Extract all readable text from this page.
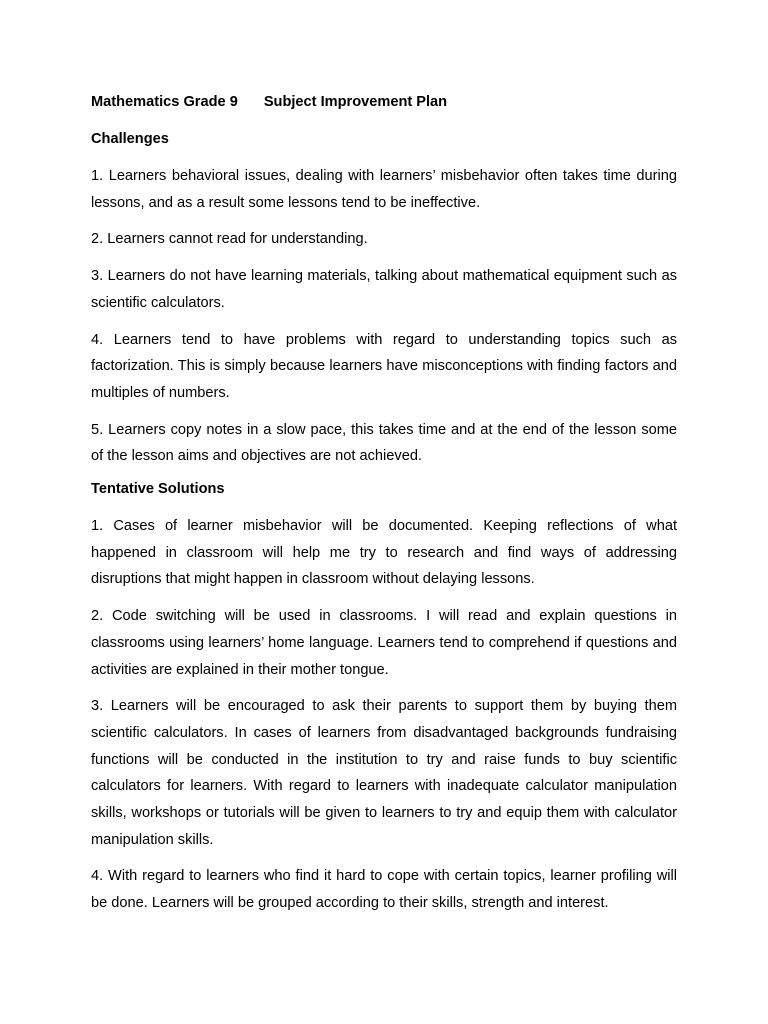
Mathematics Grade 9 Subject Improvement Plan
Challenges

1. Learners behavioral issues, dealing with learners’ misbehavior often takes time during lessons, and as a result some lessons tend to be ineffective.

2. Learners cannot read for understanding.

3. Learners do not have learning materials, talking about mathematical equipment such as scientific calculators.

4. Learners tend to have problems with regard to understanding topics such as factorization. This is simply because learners have misconceptions with finding factors and multiples of numbers.

5. Learners copy notes in a slow pace, this takes time and at the end of the lesson some of the lesson aims and objectives are not achieved.

Tentative Solutions

1. Cases of learner misbehavior will be documented. Keeping reflections of what happened in classroom will help me try to research and find ways of addressing disruptions that might happen in classroom without delaying lessons.

2. Code switching will be used in classrooms. I will read and explain questions in classrooms using learners’ home language. Learners tend to comprehend if questions and activities are explained in their mother tongue.

3. Learners will be encouraged to ask their parents to support them by buying them scientific calculators. In cases of learners from disadvantaged backgrounds fundraising functions will be conducted in the institution to try and raise funds to buy scientific calculators for learners. With regard to learners with inadequate calculator manipulation skills, workshops or tutorials will be given to learners to try and equip them with calculator manipulation skills.

4. With regard to learners who find it hard to cope with certain topics, learner profiling will be done. Learners will be grouped according to their skills, strength and interest.
